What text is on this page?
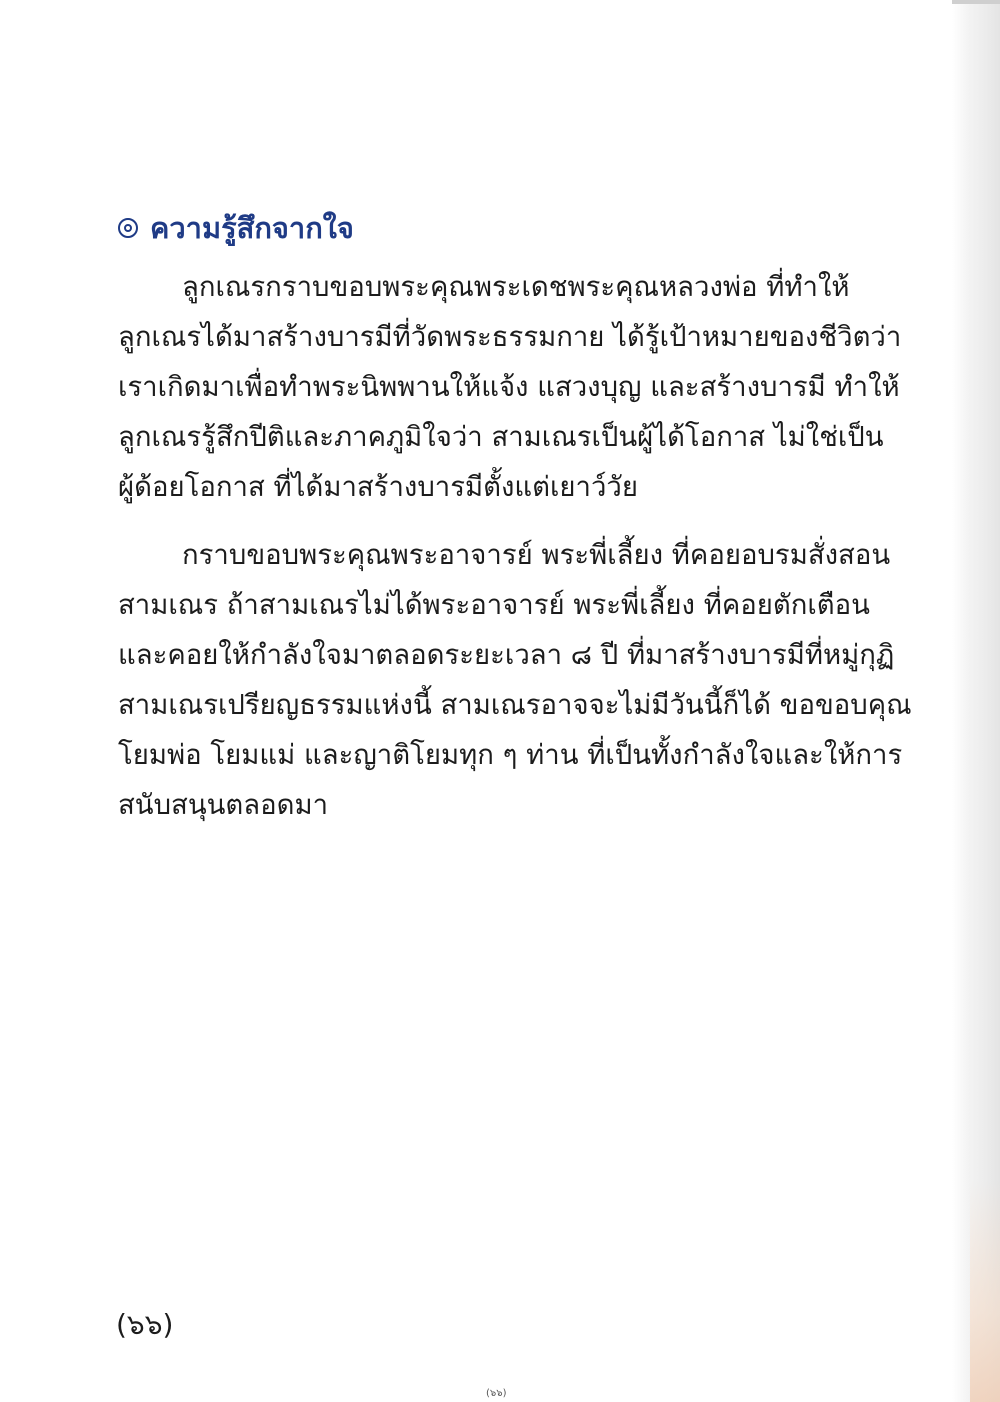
ความรู้สึกจากใจ
ลูกเณรกราบขอบพระคุณพระเดชพระคุณหลวงพ่อ ที่ทำให้
ลูกเณรได้มาสร้างบารมีที่วัดพระธรรมกาย ได้รู้เป้าหมายของชีวิตว่า
เราเกิดมาเพื่อทำพระนิพพานให้แจ้ง แสวงบุญ และสร้างบารมี ทำให้
ลูกเณรรู้สึกปีติและภาคภูมิใจว่า สามเณรเป็นผู้ได้โอกาส ไม่ใช่เป็น
ผู้ด้อยโอกาส ที่ได้มาสร้างบารมีตั้งแต่เยาว์วัย
กราบขอบพระคุณพระอาจารย์ พระพี่เลี้ยง ที่คอยอบรมสั่งสอน
สามเณร ถ้าสามเณรไม่ได้พระอาจารย์ พระพี่เลี้ยง ที่คอยตักเตือน
และคอยให้กำลังใจมาตลอดระยะเวลา ๘ ปี ที่มาสร้างบารมีที่หมู่กุฏิ
สามเณรเปรียญธรรมแห่งนี้ สามเณรอาจจะไม่มีวันนี้ก็ได้ ขอขอบคุณ
โยมพ่อ โยมแม่ และญาติโยมทุก ๆ ท่าน ที่เป็นทั้งกำลังใจและให้การ
สนับสนุนตลอดมา
(๖๖)
(๖๖)
